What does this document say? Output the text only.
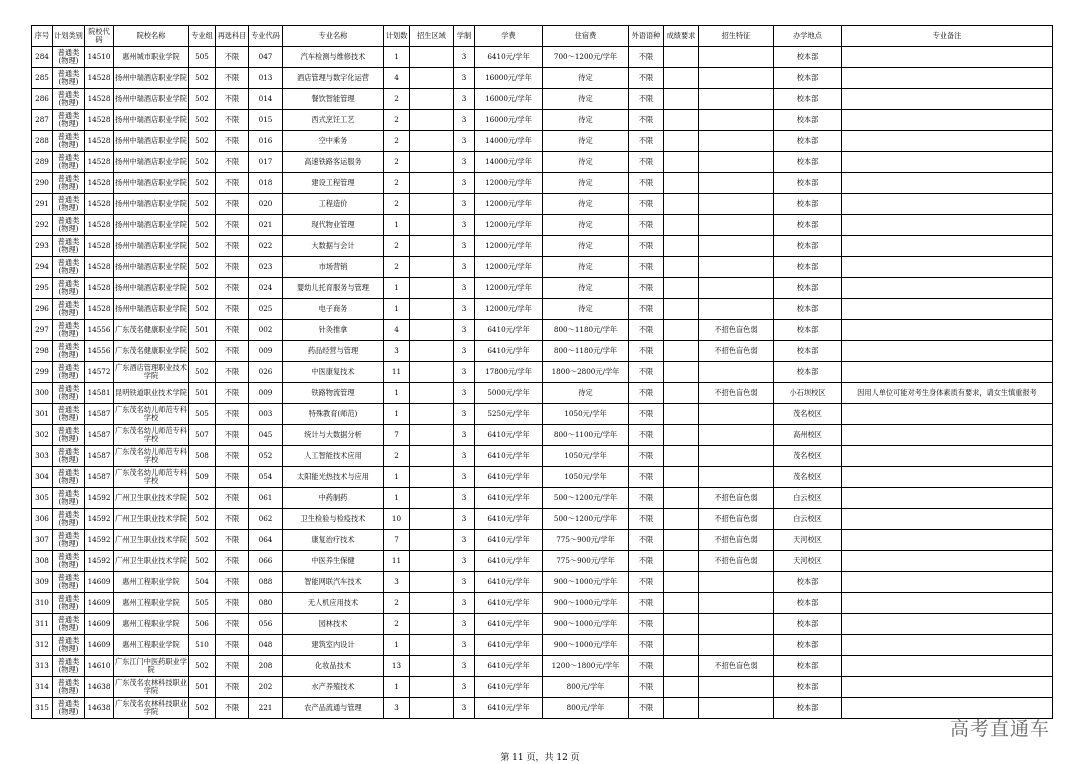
序号	计划类别	院校代码	院校名称	专业组	再选科目	专业代码	专业名称	计划数	招生区域	学制	学费	住宿费	外语语种	成绩要求	招生特征	办学地点	专业备注
284	普通类(物理)	14510	惠州城市职业学院	505	不限	047	汽车检测与维修技术	1		3	6410元/学年	700～1200元/学年	不限			校本部	
285	普通类(物理)	14528	扬州中瑞酒店职业学院	502	不限	013	酒店管理与数字化运营	4		3	16000元/学年	待定	不限			校本部	
286	普通类(物理)	14528	扬州中瑞酒店职业学院	502	不限	014	餐饮智能管理	2		3	16000元/学年	待定	不限			校本部	
287	普通类(物理)	14528	扬州中瑞酒店职业学院	502	不限	015	西式烹饪工艺	2		3	16000元/学年	待定	不限			校本部	
288	普通类(物理)	14528	扬州中瑞酒店职业学院	502	不限	016	空中乘务	2		3	14000元/学年	待定	不限			校本部	
289	普通类(物理)	14528	扬州中瑞酒店职业学院	502	不限	017	高速铁路客运服务	2		3	14000元/学年	待定	不限			校本部	
290	普通类(物理)	14528	扬州中瑞酒店职业学院	502	不限	018	建设工程管理	2		3	12000元/学年	待定	不限			校本部	
291	普通类(物理)	14528	扬州中瑞酒店职业学院	502	不限	020	工程造价	2		3	12000元/学年	待定	不限			校本部	
292	普通类(物理)	14528	扬州中瑞酒店职业学院	502	不限	021	现代物业管理	1		3	12000元/学年	待定	不限			校本部	
293	普通类(物理)	14528	扬州中瑞酒店职业学院	502	不限	022	大数据与会计	2		3	12000元/学年	待定	不限			校本部	
294	普通类(物理)	14528	扬州中瑞酒店职业学院	502	不限	023	市场营销	2		3	12000元/学年	待定	不限			校本部	
295	普通类(物理)	14528	扬州中瑞酒店职业学院	502	不限	024	婴幼儿托育服务与管理	1		3	12000元/学年	待定	不限			校本部	
296	普通类(物理)	14528	扬州中瑞酒店职业学院	502	不限	025	电子商务	1		3	12000元/学年	待定	不限			校本部	
297	普通类(物理)	14556	广东茂名健康职业学院	501	不限	002	针灸推拿	4		3	6410元/学年	800～1180元/学年	不限		不招色盲色弱	校本部	
298	普通类(物理)	14556	广东茂名健康职业学院	502	不限	009	药品经营与管理	3		3	6410元/学年	800～1180元/学年	不限		不招色盲色弱	校本部	
299	普通类(物理)	14572	广东酒店管理职业技术学院	502	不限	026	中医康复技术	11		3	17800元/学年	1800～2800元/学年	不限			校本部	
300	普通类(物理)	14581	昆明铁道职业技术学院	501	不限	009	铁路物流管理	1		3	5000元/学年	待定	不限		不招色盲色弱	小石坝校区	因用人单位可能对考生身体素质有要求，请女生慎重报考
301	普通类(物理)	14587	广东茂名幼儿师范专科学校	505	不限	003	特殊教育(师范)	1		3	5250元/学年	1050元/学年	不限			茂名校区	
302	普通类(物理)	14587	广东茂名幼儿师范专科学校	507	不限	045	统计与大数据分析	7		3	6410元/学年	800～1100元/学年	不限			高州校区	
303	普通类(物理)	14587	广东茂名幼儿师范专科学校	508	不限	052	人工智能技术应用	2		3	6410元/学年	1050元/学年	不限			茂名校区	
304	普通类(物理)	14587	广东茂名幼儿师范专科学校	509	不限	054	太阳能光热技术与应用	1		3	6410元/学年	1050元/学年	不限			茂名校区	
305	普通类(物理)	14592	广州卫生职业技术学院	502	不限	061	中药制药	1		3	6410元/学年	500～1200元/学年	不限		不招色盲色弱	白云校区	
306	普通类(物理)	14592	广州卫生职业技术学院	502	不限	062	卫生检验与检疫技术	10		3	6410元/学年	500～1200元/学年	不限		不招色盲色弱	白云校区	
307	普通类(物理)	14592	广州卫生职业技术学院	502	不限	064	康复治疗技术	7		3	6410元/学年	775～900元/学年	不限		不招色盲色弱	天河校区	
308	普通类(物理)	14592	广州卫生职业技术学院	502	不限	066	中医养生保健	11		3	6410元/学年	775～900元/学年	不限		不招色盲色弱	天河校区	
309	普通类(物理)	14609	惠州工程职业学院	504	不限	088	智能网联汽车技术	3		3	6410元/学年	900～1000元/学年	不限			校本部	
310	普通类(物理)	14609	惠州工程职业学院	505	不限	080	无人机应用技术	2		3	6410元/学年	900～1000元/学年	不限			校本部	
311	普通类(物理)	14609	惠州工程职业学院	506	不限	056	园林技术	2		3	6410元/学年	900～1000元/学年	不限			校本部	
312	普通类(物理)	14609	惠州工程职业学院	510	不限	048	建筑室内设计	1		3	6410元/学年	900～1000元/学年	不限			校本部	
313	普通类(物理)	14610	广东江门中医药职业学院	502	不限	208	化妆品技术	13		3	6410元/学年	1200～1800元/学年	不限		不招色盲色弱	校本部	
314	普通类(物理)	14638	广东茂名农林科技职业学院	501	不限	202	水产养殖技术	1		3	6410元/学年	800元/学年	不限			校本部	
315	普通类(物理)	14638	广东茂名农林科技职业学院	502	不限	221	农产品流通与管理	3		3	6410元/学年	800元/学年	不限			校本部	
第 11 页，共 12 页
高考直通车
